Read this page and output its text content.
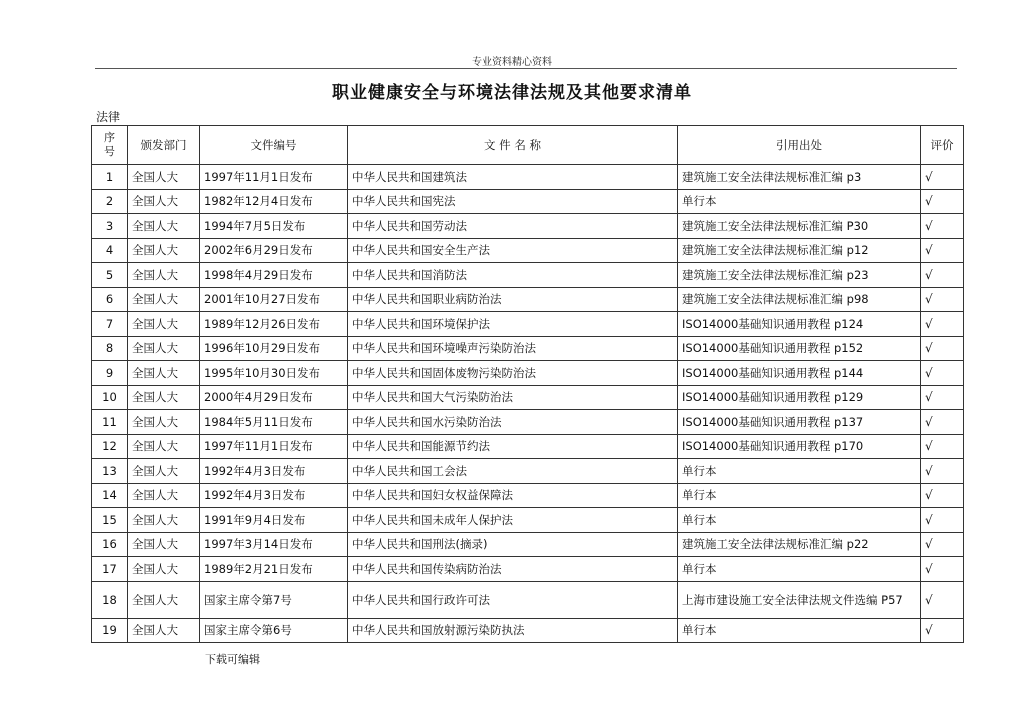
专业资料精心资料
职业健康安全与环境法律法规及其他要求清单
法律
序号	颁发部门	文件编号	文 件 名 称	引用出处	评价
1	全国人大	1997年11月1日发布	中华人民共和国建筑法	建筑施工安全法律法规标准汇编 p3	√
2	全国人大	1982年12月4日发布	中华人民共和国宪法	单行本	√
3	全国人大	1994年7月5日发布	中华人民共和国劳动法	建筑施工安全法律法规标准汇编 P30	√
4	全国人大	2002年6月29日发布	中华人民共和国安全生产法	建筑施工安全法律法规标准汇编 p12	√
5	全国人大	1998年4月29日发布	中华人民共和国消防法	建筑施工安全法律法规标准汇编 p23	√
6	全国人大	2001年10月27日发布	中华人民共和国职业病防治法	建筑施工安全法律法规标准汇编 p98	√
7	全国人大	1989年12月26日发布	中华人民共和国环境保护法	ISO14000基础知识通用教程 p124	√
8	全国人大	1996年10月29日发布	中华人民共和国环境噪声污染防治法	ISO14000基础知识通用教程 p152	√
9	全国人大	1995年10月30日发布	中华人民共和国固体废物污染防治法	ISO14000基础知识通用教程 p144	√
10	全国人大	2000年4月29日发布	中华人民共和国大气污染防治法	ISO14000基础知识通用教程 p129	√
11	全国人大	1984年5月11日发布	中华人民共和国水污染防治法	ISO14000基础知识通用教程 p137	√
12	全国人大	1997年11月1日发布	中华人民共和国能源节约法	ISO14000基础知识通用教程 p170	√
13	全国人大	1992年4月3日发布	中华人民共和国工会法	单行本	√
14	全国人大	1992年4月3日发布	中华人民共和国妇女权益保障法	单行本	√
15	全国人大	1991年9月4日发布	中华人民共和国未成年人保护法	单行本	√
16	全国人大	1997年3月14日发布	中华人民共和国刑法(摘录)	建筑施工安全法律法规标准汇编 p22	√
17	全国人大	1989年2月21日发布	中华人民共和国传染病防治法	单行本	√
18	全国人大	国家主席令第7号	中华人民共和国行政许可法	上海市建设施工安全法律法规文件选编 P57	√
19	全国人大	国家主席令第6号	中华人民共和国放射源污染防执法	单行本	√
下载可编辑
